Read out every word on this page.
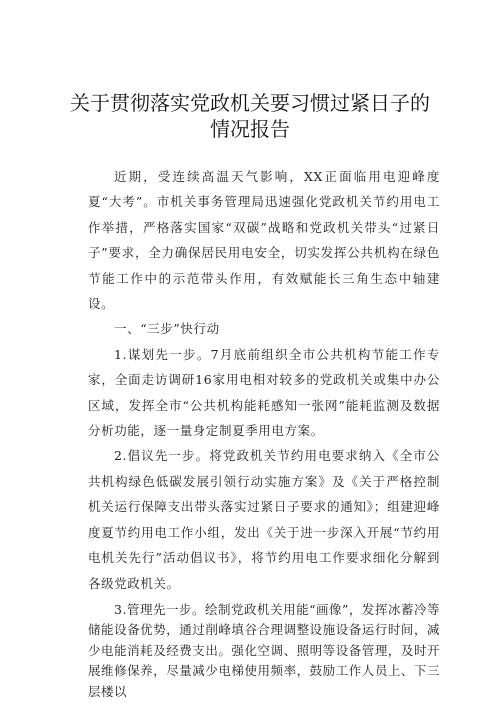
关于贯彻落实党政机关要习惯过紧日子的
情况报告

近期，受连续高温天气影响，XX正面临用电迎峰度夏“大考”。市机关事务管理局迅速强化党政机关节约用电工作举措，严格落实国家“双碳”战略和党政机关带头“过紧日子”要求，全力确保居民用电安全，切实发挥公共机构在绿色节能工作中的示范带头作用，有效赋能长三角生态中轴建设。

一、“三步”快行动

1.谋划先一步。7月底前组织全市公共机构节能工作专家，全面走访调研16家用电相对较多的党政机关或集中办公区域，发挥全市“公共机构能耗感知一张网”能耗监测及数据分析功能，逐一量身定制夏季用电方案。

2.倡议先一步。将党政机关节约用电要求纳入《全市公共机构绿色低碳发展引领行动实施方案》及《关于严格控制机关运行保障支出带头落实过紧日子要求的通知》；组建迎峰度夏节约用电工作小组，发出《关于进一步深入开展“节约用电机关先行”活动倡议书》，将节约用电工作要求细化分解到各级党政机关。

3.管理先一步。绘制党政机关用能“画像”，发挥冰蓄冷等储能设备优势，通过削峰填谷合理调整设施设备运行时间，减少电能消耗及经费支出。强化空调、照明等设备管理，及时开展维修保养，尽量减少电梯使用频率，鼓励工作人员上、下三层楼以
